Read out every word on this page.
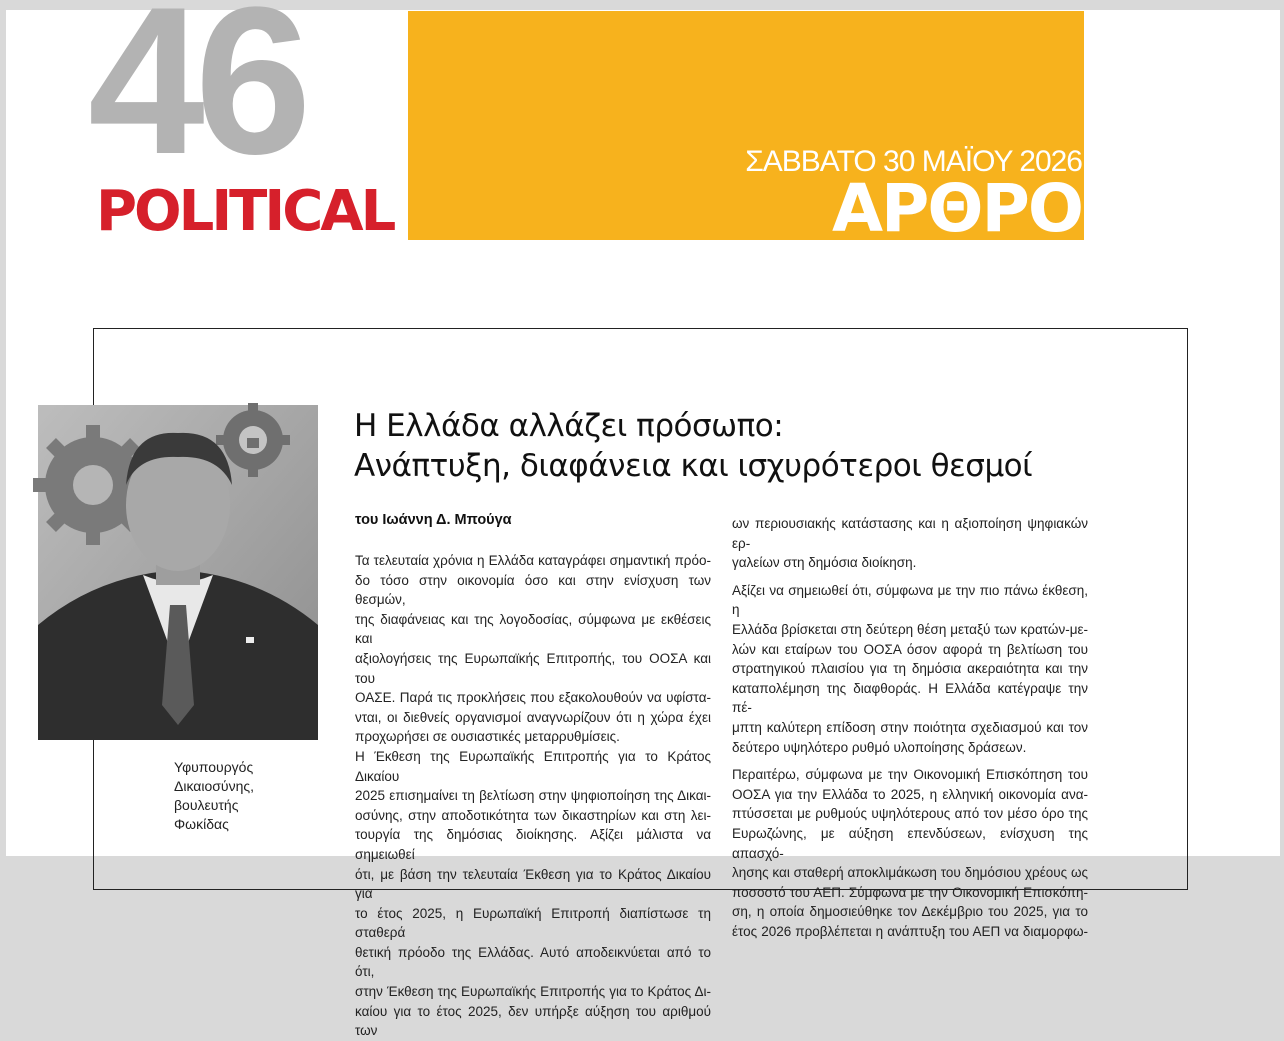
46
POLITICAL
ΣΑΒΒΑΤΟ 30 ΜΑΪΟΥ 2026
ΑΡΘΡΟ
Υφυπουργός
Δικαιοσύνης,
βουλευτής
Φωκίδας
Η Ελλάδα αλλάζει πρόσωπο:
Ανάπτυξη, διαφάνεια και ισχυρότεροι θεσμοί
του Ιωάννη Δ. Μπούγα

Τα τελευταία χρόνια η Ελλάδα καταγράφει σημαντική πρόο-

δο τόσο στην οικονομία όσο και στην ενίσχυση των θεσμών,

της διαφάνειας και της λογοδοσίας, σύμφωνα με εκθέσεις και

αξιολογήσεις της Ευρωπαϊκής Επιτροπής, του ΟΟΣΑ και του

ΟΑΣΕ. Παρά τις προκλήσεις που εξακολουθούν να υφίστα-

νται, οι διεθνείς οργανισμοί αναγνωρίζουν ότι η χώρα έχει

προχωρήσει σε ουσιαστικές μεταρρυθμίσεις.

Η Έκθεση της Ευρωπαϊκής Επιτροπής για το Κράτος Δικαίου

2025 επισημαίνει τη βελτίωση στην ψηφιοποίηση της Δικαι-

οσύνης, στην αποδοτικότητα των δικαστηρίων και στη λει-

τουργία της δημόσιας διοίκησης. Αξίζει μάλιστα να σημειωθεί

ότι, με βάση την τελευταία Έκθεση για το Κράτος Δικαίου για

το έτος 2025, η Ευρωπαϊκή Επιτροπή διαπίστωσε τη σταθερά

θετική πρόοδο της Ελλάδας. Αυτό αποδεικνύεται από το ότι,

στην Έκθεση της Ευρωπαϊκής Επιτροπής για το Κράτος Δι-

καίου για το έτος 2025, δεν υπήρξε αύξηση του αριθμού των

ων περιουσιακής κατάστασης και η αξιοποίηση ψηφιακών ερ-

γαλείων στη δημόσια διοίκηση.

Αξίζει να σημειωθεί ότι, σύμφωνα με την πιο πάνω έκθεση, η

Ελλάδα βρίσκεται στη δεύτερη θέση μεταξύ των κρατών-με-

λών και εταίρων του ΟΟΣΑ όσον αφορά τη βελτίωση του

στρατηγικού πλαισίου για τη δημόσια ακεραιότητα και την

καταπολέμηση της διαφθοράς. Η Ελλάδα κατέγραψε την πέ-

μπτη καλύτερη επίδοση στην ποιότητα σχεδιασμού και τον

δεύτερο υψηλότερο ρυθμό υλοποίησης δράσεων.

Περαιτέρω, σύμφωνα με την Οικονομική Επισκόπηση του

ΟΟΣΑ για την Ελλάδα το 2025, η ελληνική οικονομία ανα-

πτύσσεται με ρυθμούς υψηλότερους από τον μέσο όρο της

Ευρωζώνης, με αύξηση επενδύσεων, ενίσχυση της απασχό-

λησης και σταθερή αποκλιμάκωση του δημόσιου χρέους ως

ποσοστό του ΑΕΠ. Σύμφωνα με την Οικονομική Επισκόπη-

ση, η οποία δημοσιεύθηκε τον Δεκέμβριο του 2025, για το

έτος 2026 προβλέπεται η ανάπτυξη του ΑΕΠ να διαμορφω-
